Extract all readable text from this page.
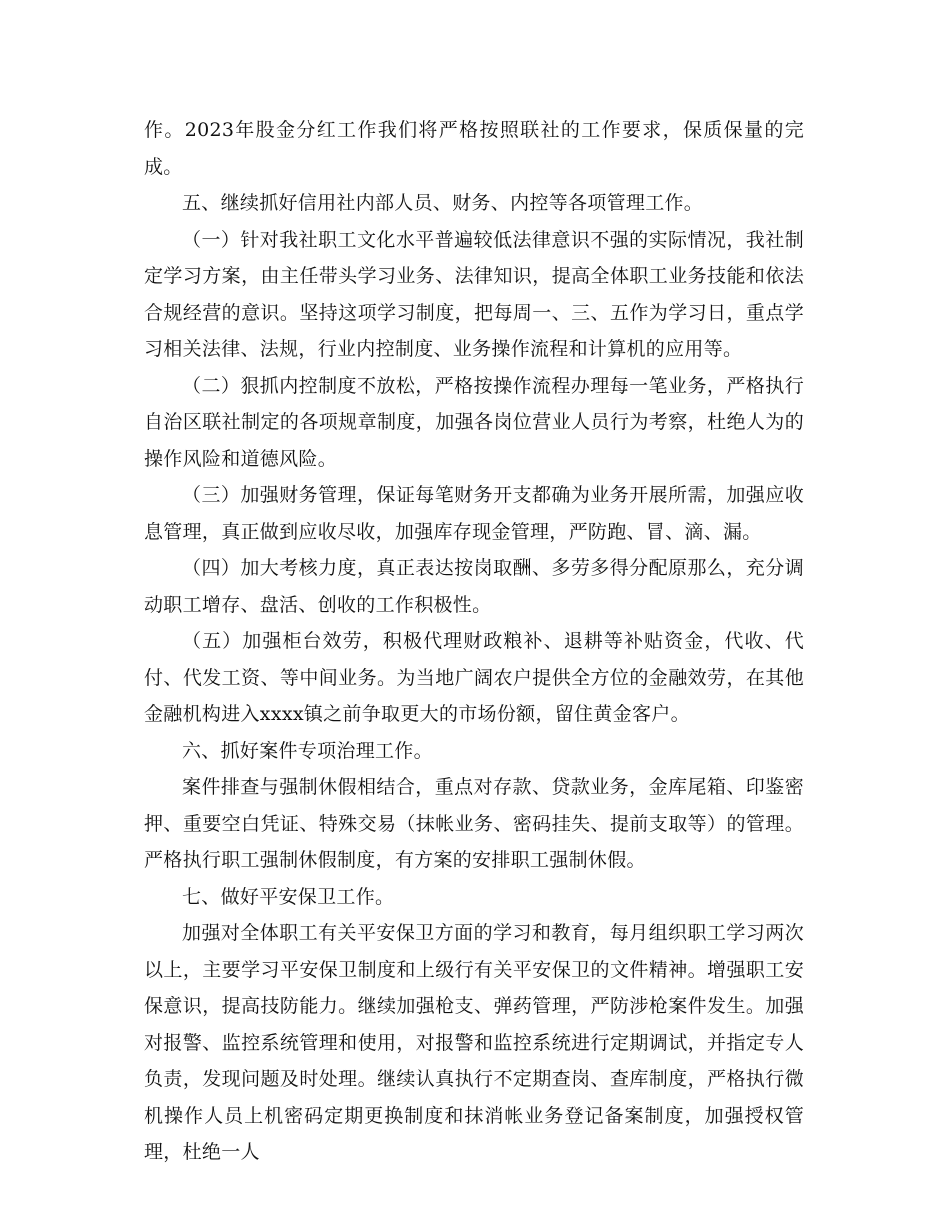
作。2023年股金分红工作我们将严格按照联社的工作要求，保质保量的完成。

五、继续抓好信用社内部人员、财务、内控等各项管理工作。

（一）针对我社职工文化水平普遍较低法律意识不强的实际情况，我社制定学习方案，由主任带头学习业务、法律知识，提高全体职工业务技能和依法合规经营的意识。坚持这项学习制度，把每周一、三、五作为学习日，重点学习相关法律、法规，行业内控制度、业务操作流程和计算机的应用等。

（二）狠抓内控制度不放松，严格按操作流程办理每一笔业务，严格执行自治区联社制定的各项规章制度，加强各岗位营业人员行为考察，杜绝人为的操作风险和道德风险。

（三）加强财务管理，保证每笔财务开支都确为业务开展所需，加强应收息管理，真正做到应收尽收，加强库存现金管理，严防跑、冒、滴、漏。

（四）加大考核力度，真正表达按岗取酬、多劳多得分配原那么，充分调动职工增存、盘活、创收的工作积极性。

（五）加强柜台效劳，积极代理财政粮补、退耕等补贴资金，代收、代付、代发工资、等中间业务。为当地广阔农户提供全方位的金融效劳，在其他金融机构进入xxxx镇之前争取更大的市场份额，留住黄金客户。

六、抓好案件专项治理工作。

案件排查与强制休假相结合，重点对存款、贷款业务，金库尾箱、印鉴密押、重要空白凭证、特殊交易（抹帐业务、密码挂失、提前支取等）的管理。严格执行职工强制休假制度，有方案的安排职工强制休假。

七、做好平安保卫工作。

加强对全体职工有关平安保卫方面的学习和教育，每月组织职工学习两次以上，主要学习平安保卫制度和上级行有关平安保卫的文件精神。增强职工安保意识，提高技防能力。继续加强枪支、弹药管理，严防涉枪案件发生。加强对报警、监控系统管理和使用，对报警和监控系统进行定期调试，并指定专人负责，发现问题及时处理。继续认真执行不定期查岗、查库制度，严格执行微机操作人员上机密码定期更换制度和抹消帐业务登记备案制度，加强授权管理，杜绝一人
